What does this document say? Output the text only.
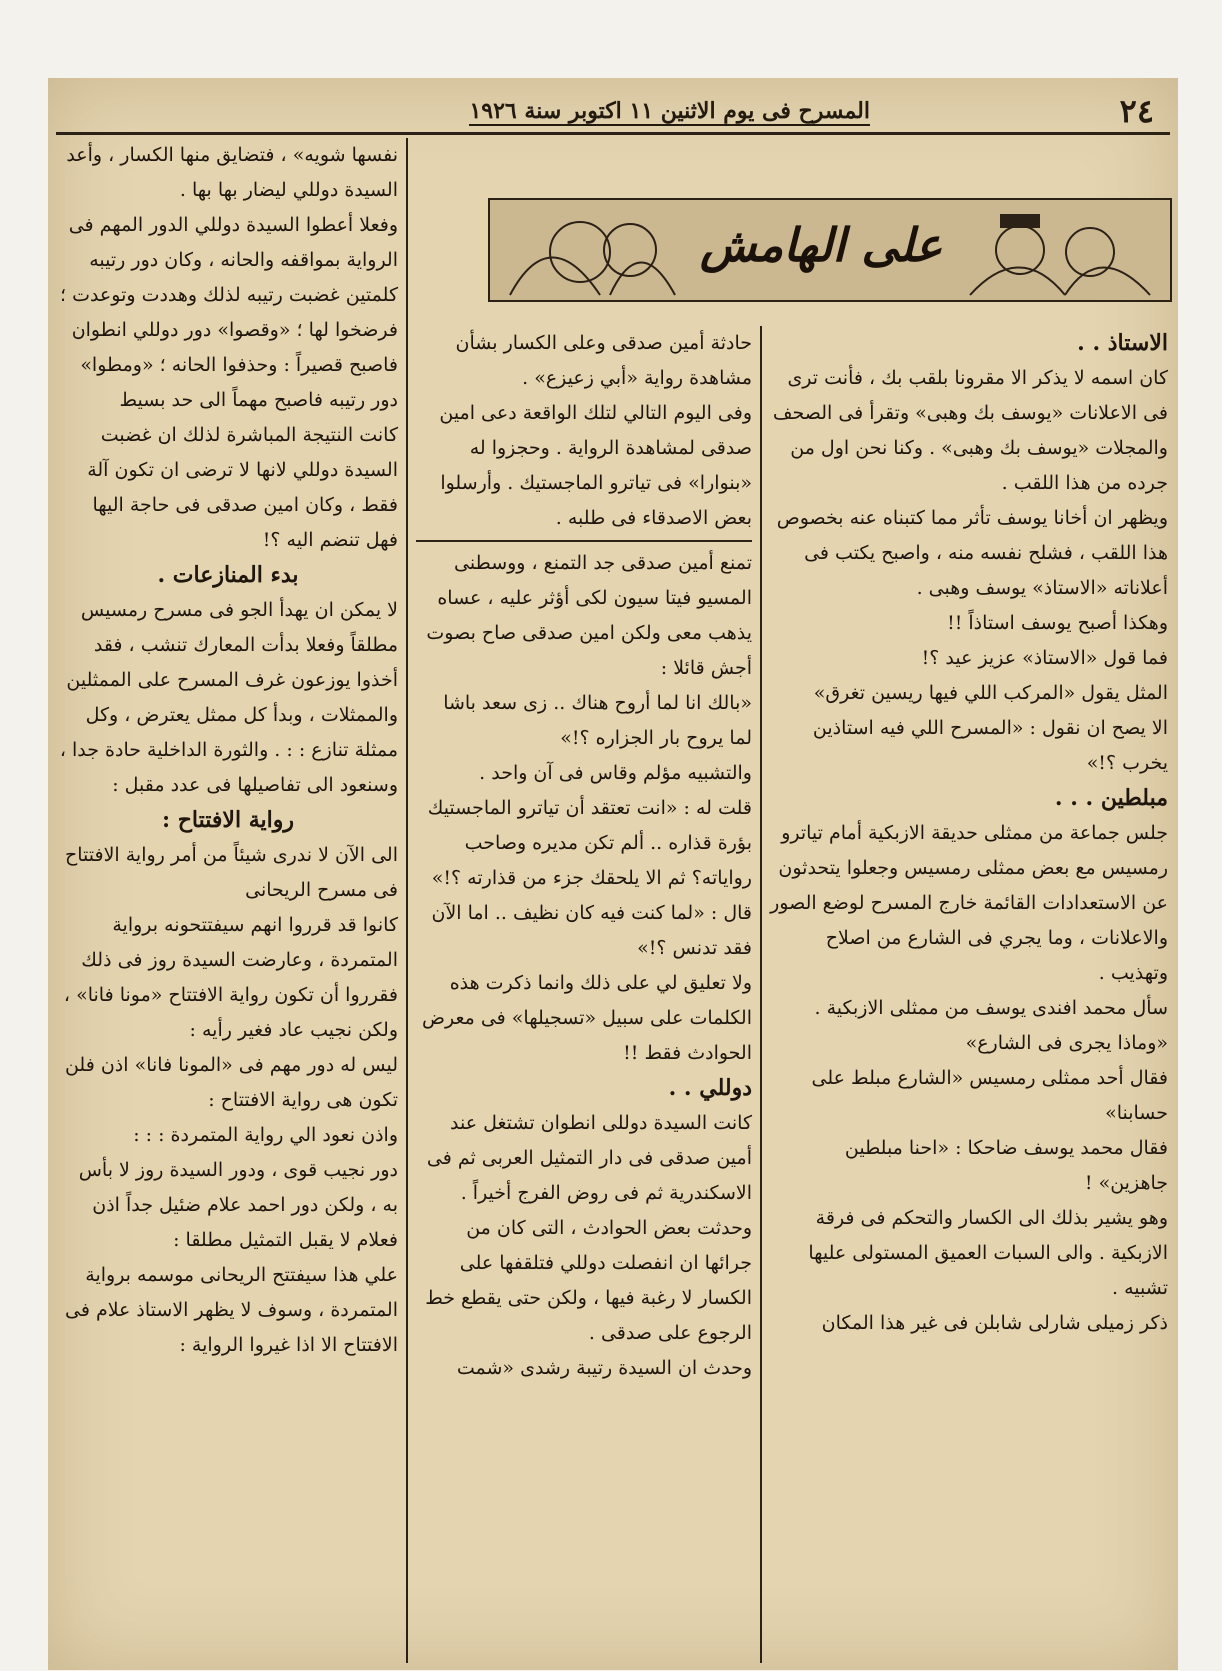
٢٤
المسرح فى يوم الاثنين ١١ اكتوبر سنة ١٩٢٦
على الهامش

الاستاذ . .

كان اسمه لا يذكر الا مقرونا بلقب بك ، فأنت ترى فى الاعلانات «يوسف بك وهبى» وتقرأ فى الصحف والمجلات «يوسف بك وهبى» . وكنا نحن اول من جرده من هذا اللقب .

ويظهر ان أخانا يوسف تأثر مما كتبناه عنه بخصوص هذا اللقب ، فشلح نفسه منه ، واصبح يكتب فى أعلاناته «الاستاذ» يوسف وهبى .

وهكذا أصبح يوسف استاذاً !!

فما قول «الاستاذ» عزيز عيد ؟!

المثل يقول «المركب اللي فيها ريسين تغرق»

الا يصح ان نقول : «المسرح اللي فيه استاذين يخرب ؟!»

مبلطين . . .

جلس جماعة من ممثلى حديقة الازبكية أمام تياترو رمسيس مع بعض ممثلى رمسيس وجعلوا يتحدثون عن الاستعدادات القائمة خارج المسرح لوضع الصور والاعلانات ، وما يجري فى الشارع من اصلاح وتهذيب .

سأل محمد افندى يوسف من ممثلى الازبكية .

«وماذا يجرى فى الشارع»

فقال أحد ممثلى رمسيس «الشارع مبلط على حسابنا»

فقال محمد يوسف ضاحكا : «احنا مبلطين جاهزين» !

وهو يشير بذلك الى الكسار والتحكم فى فرقة الازبكية . والى السبات العميق المستولى عليها تشبيه .

ذكر زميلى شارلى شابلن فى غير هذا المكان

حادثة أمين صدقى وعلى الكسار بشأن مشاهدة رواية «أبي زعيزع» .

وفى اليوم التالي لتلك الواقعة دعى امين صدقى لمشاهدة الرواية . وحجزوا له «بنوارا» فى تياترو الماجستيك . وأرسلوا بعض الاصدقاء فى طلبه .

تمنع أمين صدقى جد التمنع ، ووسطنى المسيو فيتا سيون لكى أؤثر عليه ، عساه يذهب معى ولكن امين صدقى صاح بصوت أجش قائلا :

«بالك انا لما أروح هناك .. زى سعد باشا لما يروح بار الجزاره ؟!»

والتشبيه مؤلم وقاس فى آن واحد .

قلت له : «انت تعتقد أن تياترو الماجستيك بؤرة قذاره .. ألم تكن مديره وصاحب رواياته؟ ثم الا يلحقك جزء من قذارته ؟!»

قال : «لما كنت فيه كان نظيف .. اما الآن فقد تدنس ؟!»

ولا تعليق لي على ذلك وانما ذكرت هذه الكلمات على سبيل «تسجيلها» فى معرض الحوادث فقط !!

دوللي . .

كانت السيدة دوللى انطوان تشتغل عند أمين صدقى فى دار التمثيل العربى ثم فى الاسكندرية ثم فى روض الفرج أخيراً .

وحدثت بعض الحوادث ، التى كان من جرائها ان انفصلت دوللي فتلقفها على الكسار لا رغبة فيها ، ولكن حتى يقطع خط الرجوع على صدقى .

وحدث ان السيدة رتيبة رشدى «شمت

نفسها شويه» ، فتضايق منها الكسار ، وأعد السيدة دوللي ليضار بها بها .

وفعلا أعطوا السيدة دوللي الدور المهم فى الرواية بمواقفه والحانه ، وكان دور رتيبه كلمتين غضبت رتيبه لذلك وهددت وتوعدت ؛ فرضخوا لها ؛ «وقصوا» دور دوللي انطوان فاصبح قصيراً : وحذفوا الحانه ؛ «ومطوا» دور رتيبه فاصبح مهماً الى حد بسيط

كانت النتيجة المباشرة لذلك ان غضبت السيدة دوللي لانها لا ترضى ان تكون آلة فقط ، وكان امين صدقى فى حاجة اليها فهل تنضم اليه ؟!

بدء المنازعات .

لا يمكن ان يهدأ الجو فى مسرح رمسيس مطلقاً وفعلا بدأت المعارك تنشب ، فقد أخذوا يوزعون غرف المسرح على الممثلين والممثلات ، وبدأ كل ممثل يعترض ، وكل ممثلة تنازع : : . والثورة الداخلية حادة جدا ، وسنعود الى تفاصيلها فى عدد مقبل :

رواية الافتتاح :

الى الآن لا ندرى شيئاً من أمر رواية الافتتاح فى مسرح الريحانى

كانوا قد قرروا انهم سيفتتحونه برواية المتمردة ، وعارضت السيدة روز فى ذلك فقرروا أن تكون رواية الافتتاح «مونا فانا» ،

ولكن نجيب عاد فغير رأيه :

ليس له دور مهم فى «المونا فانا» اذن فلن تكون هى رواية الافتتاح :

واذن نعود الي رواية المتمردة : : :

دور نجيب قوى ، ودور السيدة روز لا بأس به ، ولكن دور احمد علام ضئيل جداً اذن فعلام لا يقبل التمثيل مطلقا :

علي هذا سيفتتح الريحانى موسمه برواية المتمردة ، وسوف لا يظهر الاستاذ علام فى الافتتاح الا اذا غيروا الرواية :
